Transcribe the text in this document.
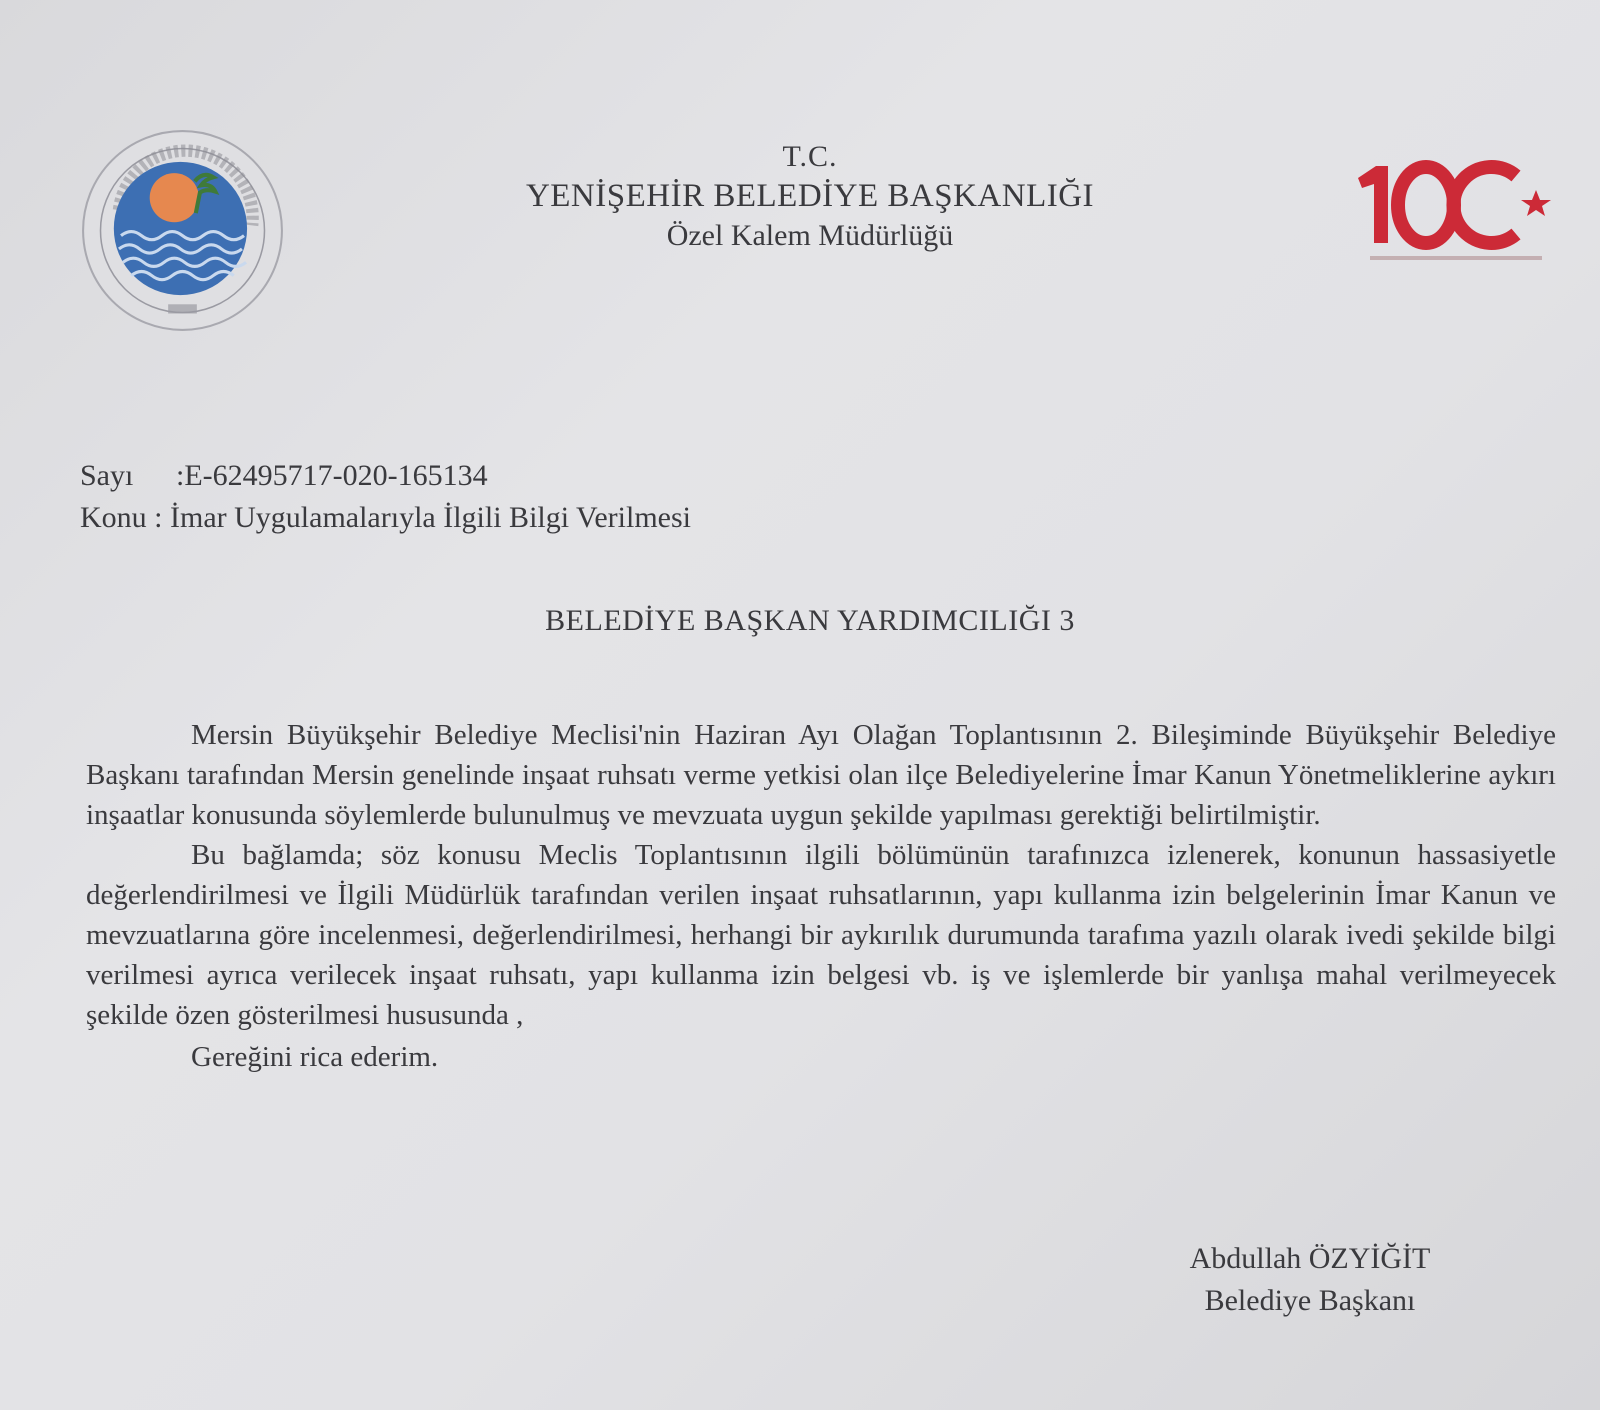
T.C.
YENİŞEHİR BELEDİYE BAŞKANLIĞI
Özel Kalem Müdürlüğü
Sayı :E-62495717-020-165134
Konu : İmar Uygulamalarıyla İlgili Bilgi Verilmesi
BELEDİYE BAŞKAN YARDIMCILIĞI 3

Mersin Büyükşehir Belediye Meclisi'nin Haziran Ayı Olağan Toplantısının 2. Bileşiminde Büyükşehir Belediye Başkanı tarafından Mersin genelinde inşaat ruhsatı verme yetkisi olan ilçe Belediyelerine İmar Kanun Yönetmeliklerine aykırı inşaatlar konusunda söylemlerde bulunulmuş ve mevzuata uygun şekilde yapılması gerektiği belirtilmiştir.

Bu bağlamda; söz konusu Meclis Toplantısının ilgili bölümünün tarafınızca izlenerek, konunun hassasiyetle değerlendirilmesi ve İlgili Müdürlük tarafından verilen inşaat ruhsatlarının, yapı kullanma izin belgelerinin İmar Kanun ve mevzuatlarına göre incelenmesi, değerlendirilmesi, herhangi bir aykırılık durumunda tarafıma yazılı olarak ivedi şekilde bilgi verilmesi ayrıca verilecek inşaat ruhsatı, yapı kullanma izin belgesi vb. iş ve işlemlerde bir yanlışa mahal verilmeyecek şekilde özen gösterilmesi hususunda ,

Gereğini rica ederim.

Abdullah ÖZYİĞİT
Belediye Başkanı
